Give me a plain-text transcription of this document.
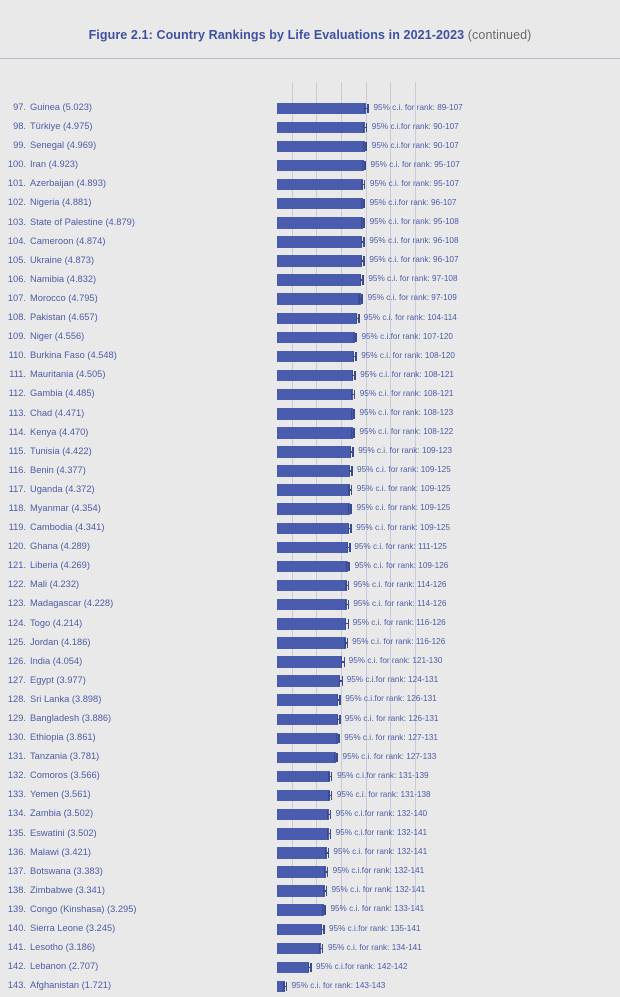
Figure 2.1: Country Rankings by Life Evaluations in 2021-2023 (continued)
97. Guinea (5.023)	95% c.i. for rank: 89-107
98. Türkiye (4.975)	95% c.i.for rank: 90-107
99. Senegal (4.969)	95% c.i.for rank: 90-107
100. Iran (4.923)	95% c.i. for rank: 95-107
101. Azerbaijan (4.893)	95% c.i. for rank: 95-107
102. Nigeria (4.881)	95% c.i.for rank: 96-107
103. State of Palestine (4.879)	95% c.i. for rank: 95-108
104. Cameroon (4.874)	95% c.i. for rank: 96-108
105. Ukraine (4.873)	95% c.i. for rank: 96-107
106. Namibia (4.832)	95% c.i. for rank: 97-108
107. Morocco (4.795)	95% c.i. for rank: 97-109
108. Pakistan (4.657)	95% c.i. for rank: 104-114
109. Niger (4.556)	95% c.i.for rank: 107-120
110. Burkina Faso (4.548)	95% c.i. for rank: 108-120
111. Mauritania (4.505)	95% c.i. for rank: 108-121
112. Gambia (4.485)	95% c.i. for rank: 108-121
113. Chad (4.471)	95% c.i. for rank: 108-123
114. Kenya (4.470)	95% c.i. for rank: 108-122
115. Tunisia (4.422)	95% c.i. for rank: 109-123
116. Benin (4.377)	95% c.i. for rank: 109-125
117. Uganda (4.372)	95% c.i. for rank: 109-125
118. Myanmar (4.354)	95% c.i. for rank: 109-125
119. Cambodia (4.341)	95% c.i. for rank: 109-125
120. Ghana (4.289)	95% c.i. for rank: 111-125
121. Liberia (4.269)	95% c.i. for rank: 109-126
122. Mali (4.232)	95% c.i. for rank: 114-126
123. Madagascar (4.228)	95% c.i. for rank: 114-126
124. Togo (4.214)	95% c.i. for rank: 116-126
125. Jordan (4.186)	95% c.i. for rank: 116-126
126. India (4.054)	95% c.i. for rank: 121-130
127. Egypt (3.977)	95% c.i.for rank: 124-131
128. Sri Lanka (3.898)	95% c.i.for rank: 126-131
129. Bangladesh (3.886)	95% c.i. for rank: 126-131
130. Ethiopia (3.861)	95% c.i. for rank: 127-131
131. Tanzania (3.781)	95% c.i. for rank: 127-133
132. Comoros (3.566)	95% c.i.for rank: 131-139
133. Yemen (3.561)	95% c.i. for rank: 131-138
134. Zambia (3.502)	95% c.i.for rank: 132-140
135. Eswatini (3.502)	95% c.i.for rank: 132-141
136. Malawi (3.421)	95% c.i. for rank: 132-141
137. Botswana (3.383)	95% c.i.for rank: 132-141
138. Zimbabwe (3.341)	95% c.i. for rank: 132-141
139. Congo (Kinshasa) (3.295)	95% c.i. for rank: 133-141
140. Sierra Leone (3.245)	95% c.i.for rank: 135-141
141. Lesotho (3.186)	95% c.i. for rank: 134-141
142. Lebanon (2.707)	95% c.i.for rank: 142-142
143. Afghanistan (1.721)	95% c.i. for rank: 143-143
